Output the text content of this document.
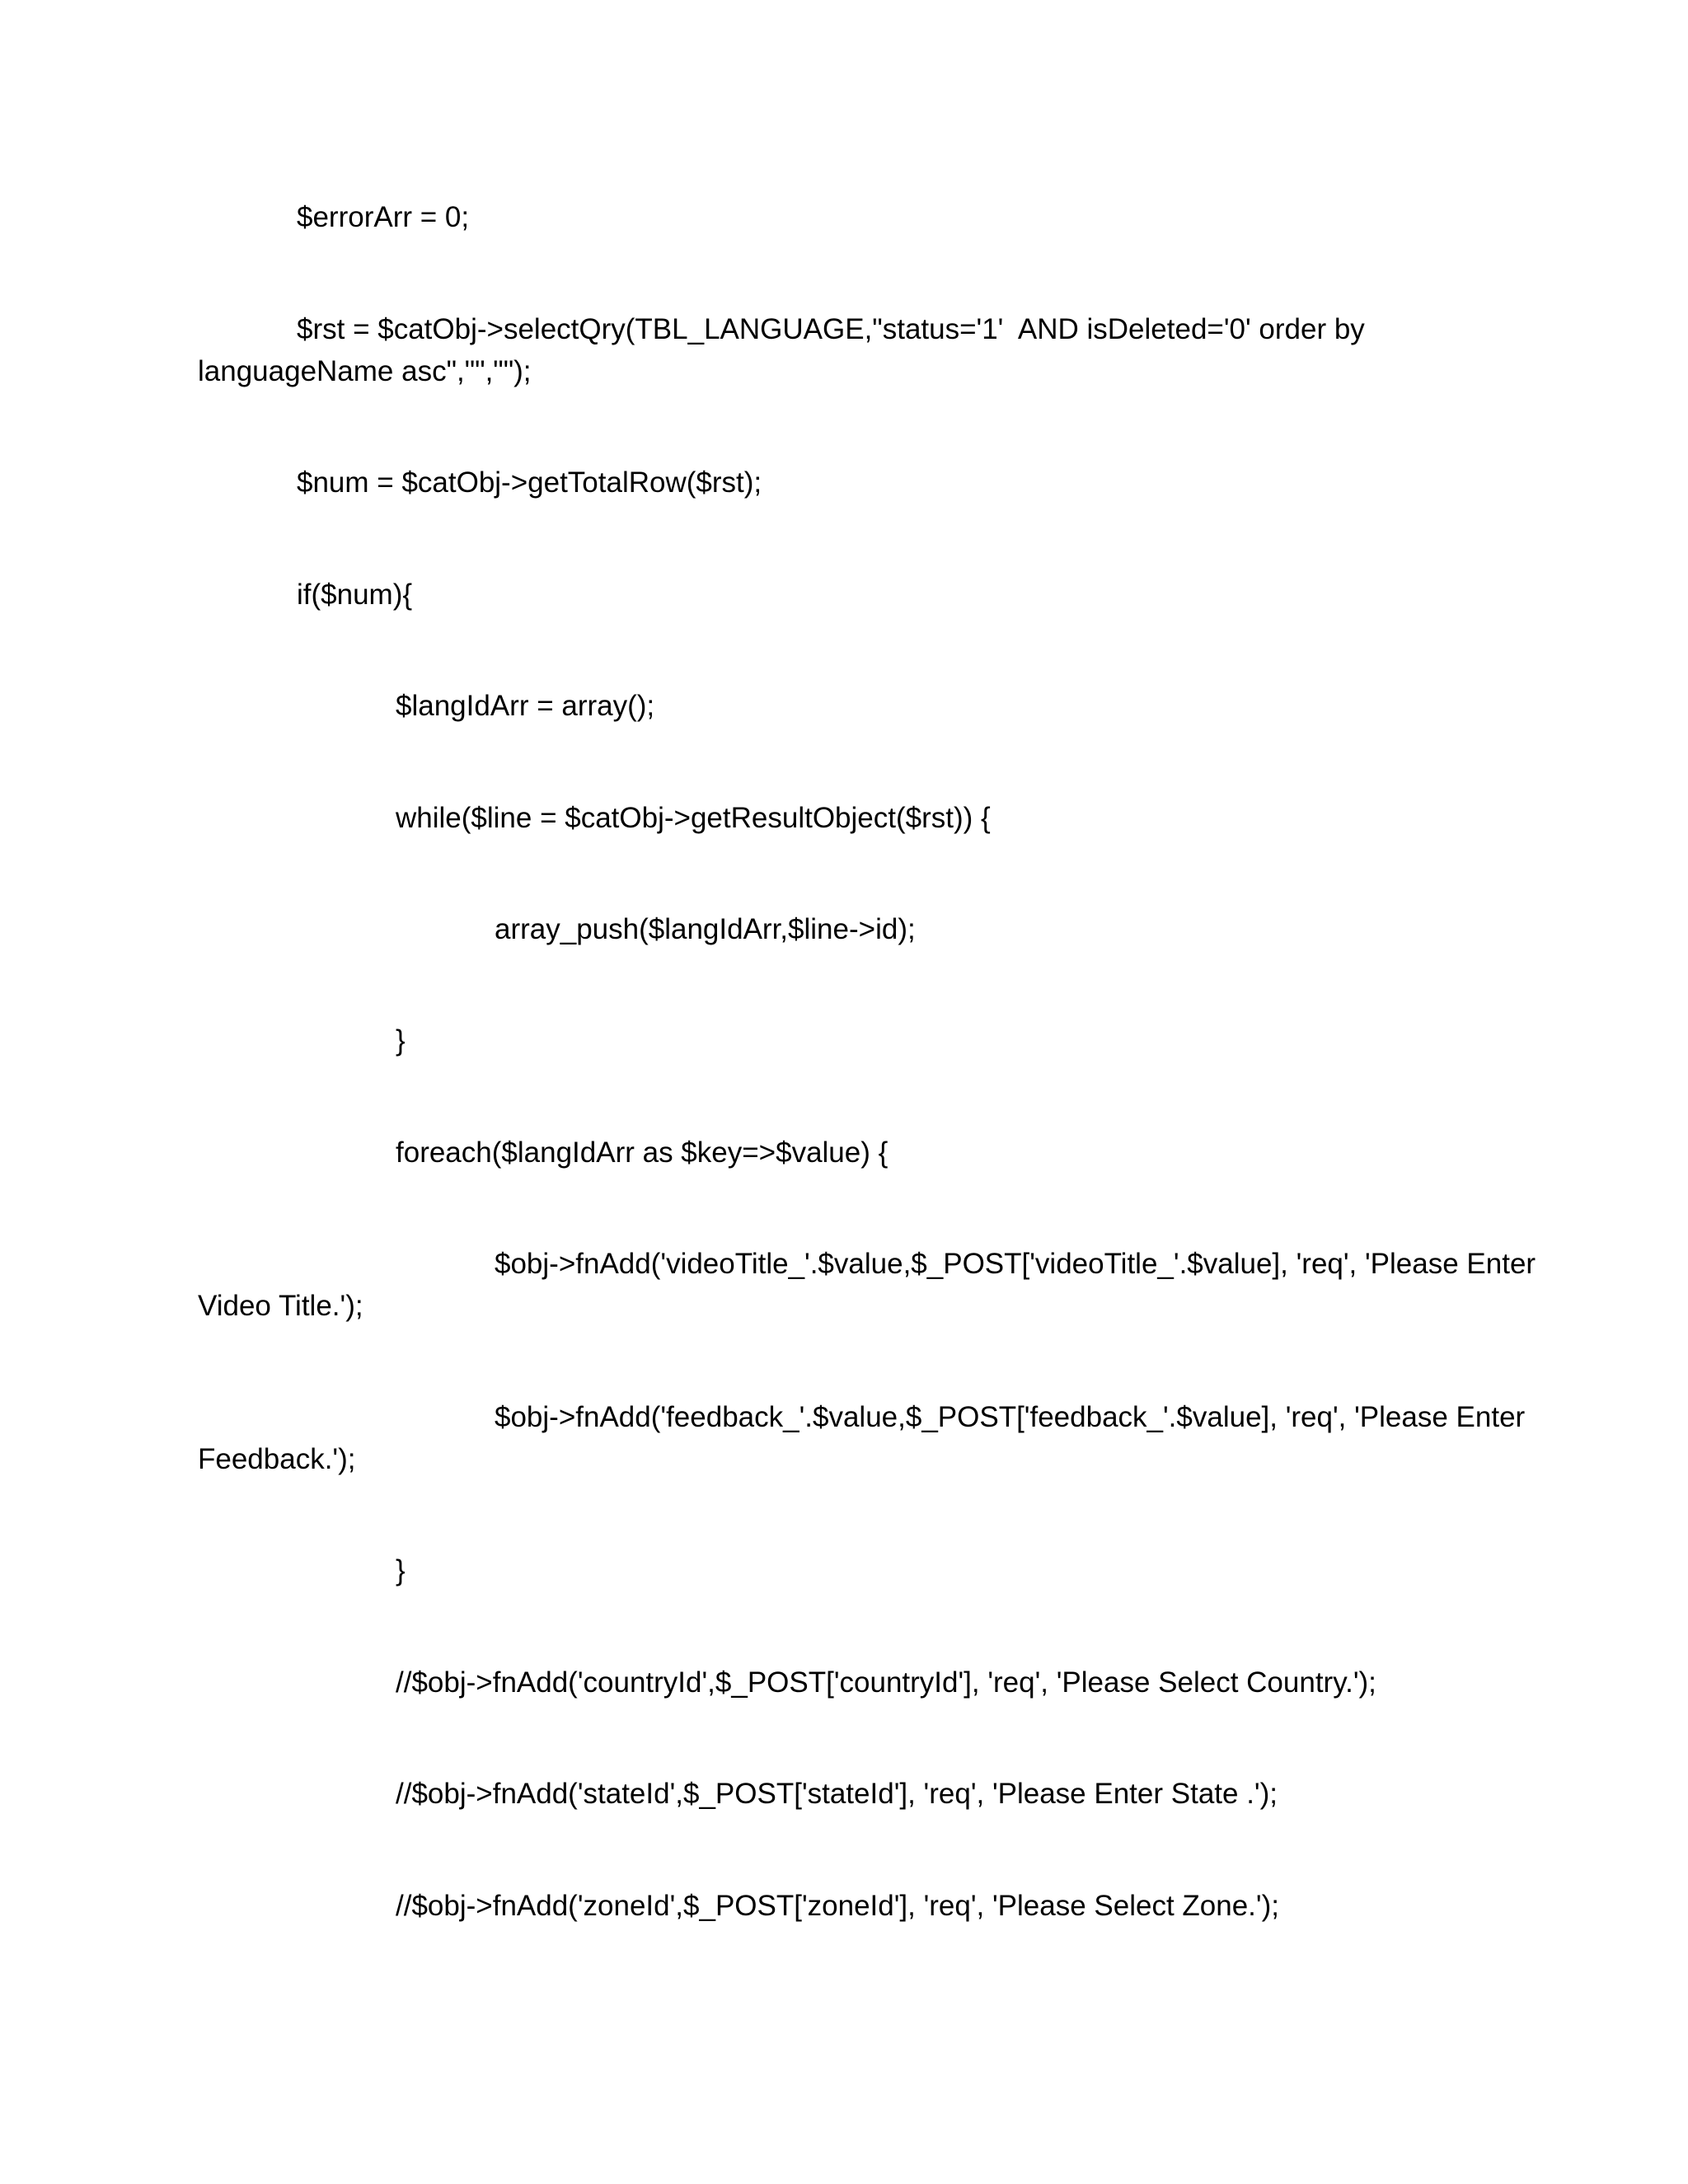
$errorArr = 0;

$rst = $catObj->selectQry(TBL_LANGUAGE,"status='1'  AND isDeleted='0' order by languageName asc","","");

$num = $catObj->getTotalRow($rst);

if($num){

$langIdArr = array();

while($line = $catObj->getResultObject($rst)) {

array_push($langIdArr,$line->id);

}

foreach($langIdArr as $key=>$value) {

$obj->fnAdd('videoTitle_'.$value,$_POST['videoTitle_'.$value], 'req', 'Please Enter Video Title.');

$obj->fnAdd('feedback_'.$value,$_POST['feedback_'.$value], 'req', 'Please Enter Feedback.');

}

//$obj->fnAdd('countryId',$_POST['countryId'], 'req', 'Please Select Country.');

//$obj->fnAdd('stateId',$_POST['stateId'], 'req', 'Please Enter State .');

//$obj->fnAdd('zoneId',$_POST['zoneId'], 'req', 'Please Select Zone.');
